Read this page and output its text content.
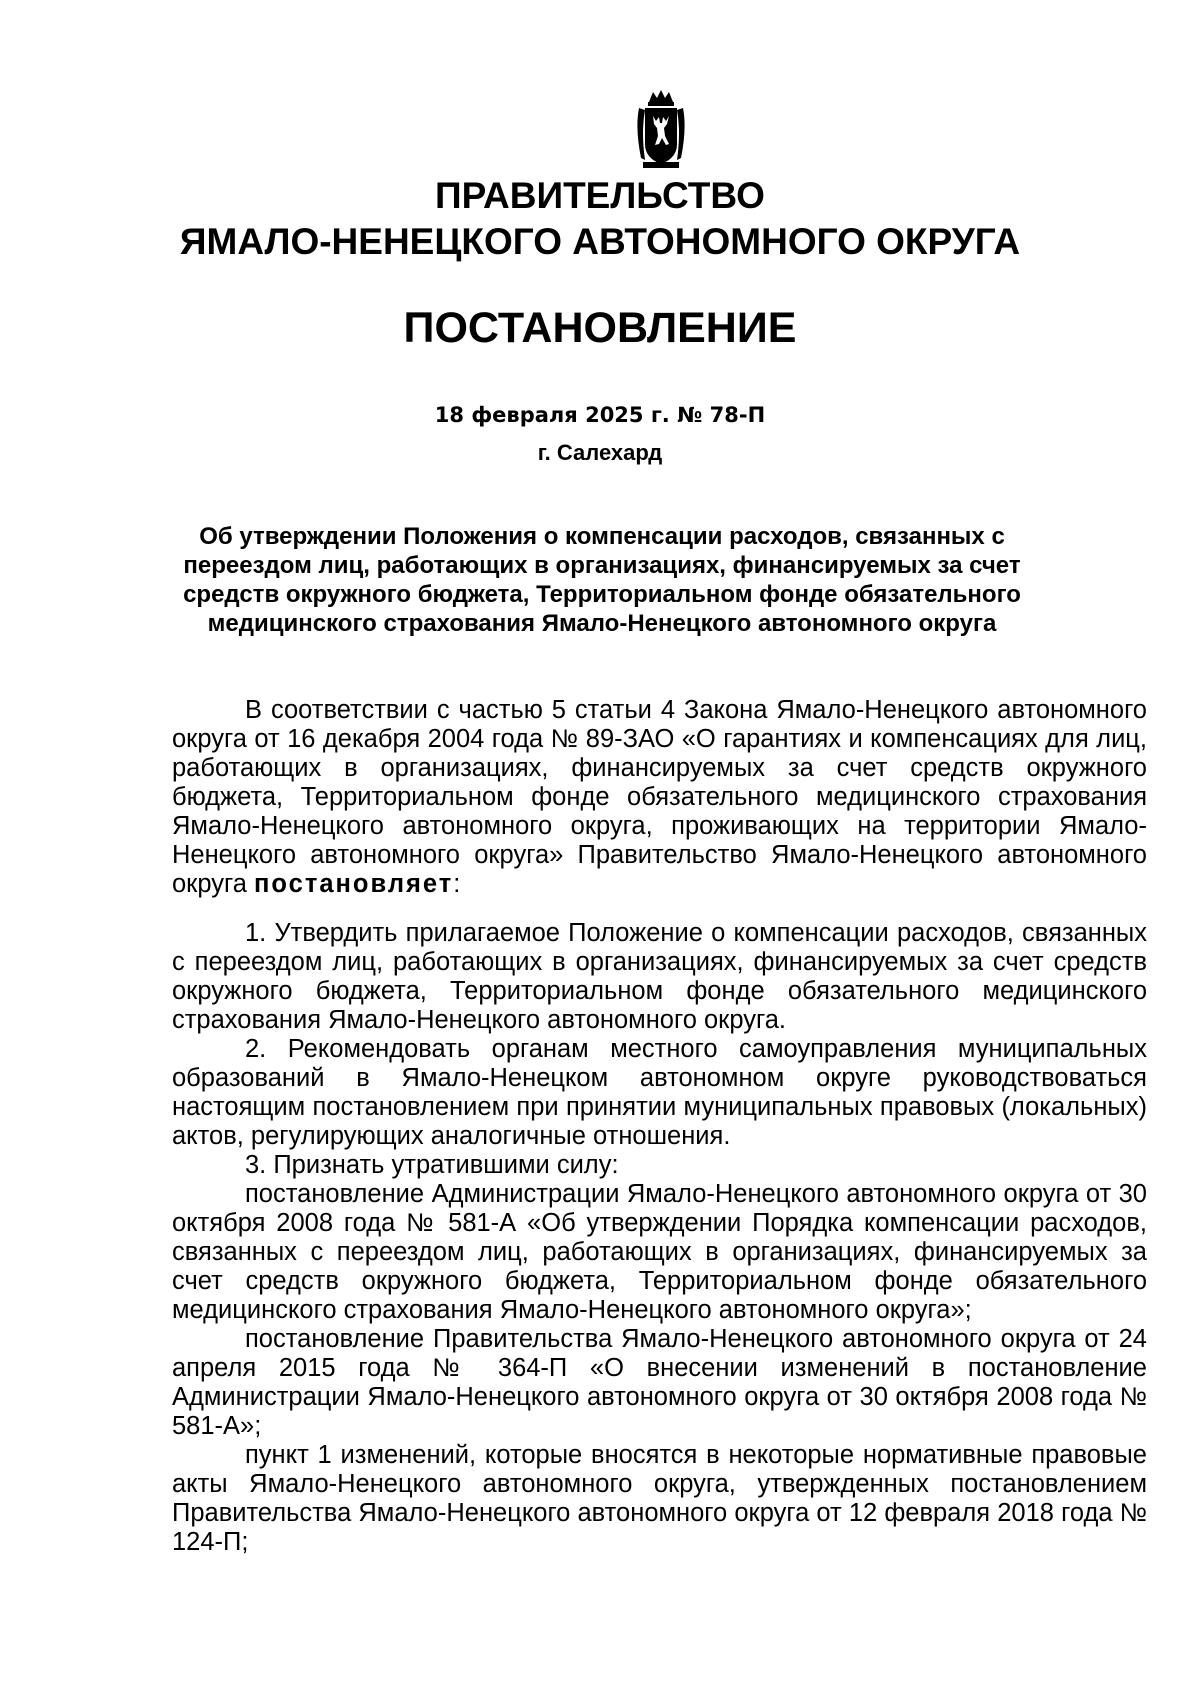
ПРАВИТЕЛЬСТВО
ЯМАЛО-НЕНЕЦКОГО АВТОНОМНОГО ОКРУГА
ПОСТАНОВЛЕНИЕ
18 февраля 2025 г. № 78-П
г. Салехард
Об утверждении Положения о компенсации расходов, связанных с
переездом лиц, работающих в организациях, финансируемых за счет
средств окружного бюджета, Территориальном фонде обязательного
медицинского страхования Ямало-Ненецкого автономного округа

В соответствии с частью 5 статьи 4 Закона Ямало-Ненецкого автономного округа от 16 декабря 2004 года № 89-ЗАО «О гарантиях и компенсациях для лиц, работающих в организациях, финансируемых за счет средств окружного бюджета, Территориальном фонде обязательного медицинского страхования Ямало-Ненецкого автономного округа, проживающих на территории Ямало-Ненецкого автономного округа» Правительство Ямало-Ненецкого автономного округа постановляет:

1. Утвердить прилагаемое Положение о компенсации расходов, связанных с переездом лиц, работающих в организациях, финансируемых за счет средств окружного бюджета, Территориальном фонде обязательного медицинского страхования Ямало-Ненецкого автономного округа.

2. Рекомендовать органам местного самоуправления муниципальных образований в Ямало-Ненецком автономном округе руководствоваться настоящим постановлением при принятии муниципальных правовых (локальных) актов, регулирующих аналогичные отношения.

3. Признать утратившими силу:

постановление Администрации Ямало-Ненецкого автономного округа от 30 октября 2008 года № 581-А «Об утверждении Порядка компенсации расходов, связанных с переездом лиц, работающих в организациях, финансируемых за счет средств окружного бюджета, Территориальном фонде обязательного медицинского страхования Ямало-Ненецкого автономного округа»;

постановление Правительства Ямало-Ненецкого автономного округа от 24 апреля 2015 года № 364-П «О внесении изменений в постановление Администрации Ямало-Ненецкого автономного округа от 30 октября 2008 года № 581-А»;

пункт 1 изменений, которые вносятся в некоторые нормативные правовые акты Ямало-Ненецкого автономного округа, утвержденных постановлением Правительства Ямало-Ненецкого автономного округа от 12 февраля 2018 года № 124-П;
